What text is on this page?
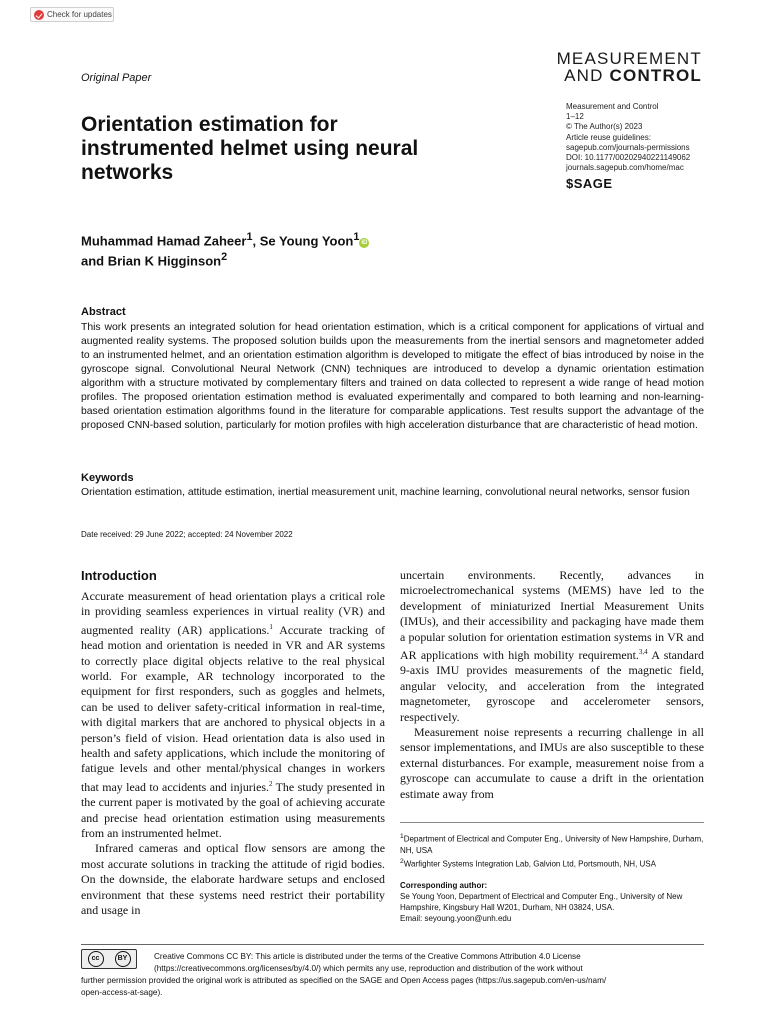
Check for updates
MEASUREMENT
AND CONTROL
Measurement and Control
1–12
© The Author(s) 2023
Article reuse guidelines:
sagepub.com/journals-permissions
DOI: 10.1177/00202940221149062
journals.sagepub.com/home/mac
$SAGE
Original Paper
Orientation estimation for instrumented helmet using neural networks
Muhammad Hamad Zaheer$^1$, Se Young Yoon$^1$iD
and Brian K Higginson$^2$
Abstract
This work presents an integrated solution for head orientation estimation, which is a critical component for applications of virtual and augmented reality systems. The proposed solution builds upon the measurements from the inertial sensors and magnetometer added to an instrumented helmet, and an orientation estimation algorithm is developed to mitigate the effect of bias introduced by noise in the gyroscope signal. Convolutional Neural Network (CNN) techniques are introduced to develop a dynamic orientation estimation algorithm with a structure motivated by complementary filters and trained on data collected to represent a wide range of head motion profiles. The proposed orientation estimation method is evaluated experimentally and compared to both learning and non-learning-based orientation estimation algorithms found in the literature for comparable applications. Test results support the advantage of the proposed CNN-based solution, particularly for motion profiles with high acceleration disturbance that are characteristic of head motion.
Keywords
Orientation estimation, attitude estimation, inertial measurement unit, machine learning, convolutional neural networks, sensor fusion
Date received: 29 June 2022; accepted: 24 November 2022
Introduction

Accurate measurement of head orientation plays a critical role in providing seamless experiences in virtual reality (VR) and augmented reality (AR) applications.$^1$ Accurate tracking of head motion and orientation is needed in VR and AR systems to correctly place digital objects relative to the real physical world. For example, AR technology incorporated to the equipment for first responders, such as goggles and helmets, can be used to deliver safety-critical information in real-time, with digital markers that are anchored to physical objects in a person’s field of vision. Head orientation data is also used in health and safety applications, which include the monitoring of fatigue levels and other mental/physical changes in workers that may lead to accidents and injuries.$^2$ The study presented in the current paper is motivated by the goal of achieving accurate and precise head orientation estimation using measurements from an instrumented helmet.

Infrared cameras and optical flow sensors are among the most accurate solutions in tracking the attitude of rigid bodies. On the downside, the elaborate hardware setups and enclosed environment that these systems need restrict their portability and usage in

uncertain environments. Recently, advances in microelectromechanical systems (MEMS) have led to the development of miniaturized Inertial Measurement Units (IMUs), and their accessibility and packaging have made them a popular solution for orientation estimation systems in VR and AR applications with high mobility requirement.$^{3,4}$ A standard 9-axis IMU provides measurements of the magnetic field, angular velocity, and acceleration from the integrated magnetometer, gyroscope and accelerometer sensors, respectively.

Measurement noise represents a recurring challenge in all sensor implementations, and IMUs are also susceptible to these external disturbances. For example, measurement noise from a gyroscope can accumulate to cause a drift in the orientation estimate away from

$^1$Department of Electrical and Computer Eng., University of New Hampshire, Durham, NH, USA
$^2$Warfighter Systems Integration Lab, Galvion Ltd, Portsmouth, NH, USA
Corresponding author:
Se Young Yoon, Department of Electrical and Computer Eng., University of New Hampshire, Kingsbury Hall W201, Durham, NH 03824, USA.
Email: seyoung.yoon@unh.edu
cc	BY	Creative Commons CC BY: This article is distributed under the terms of the Creative Commons Attribution 4.0 License
(https://creativecommons.org/licenses/by/4.0/) which permits any use, reproduction and distribution of the work without
further permission provided the original work is attributed as specified on the SAGE and Open Access pages (https://us.sagepub.com/en-us/nam/
open-access-at-sage).
